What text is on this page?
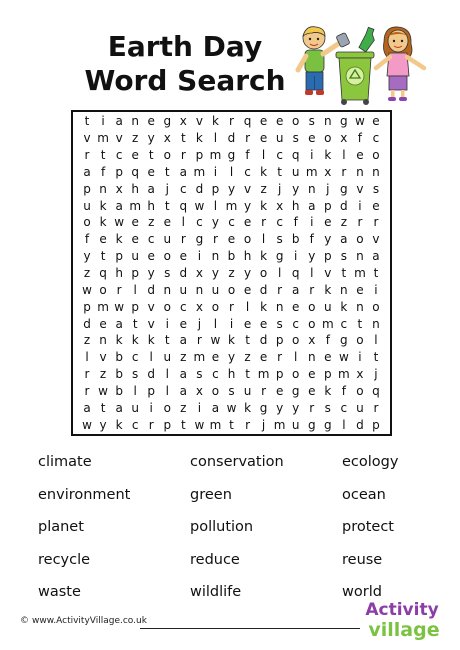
Earth Day
Word Search
t	i a n e g x v k r q e e o s n g w e
v m v z y x t k l d r e u s e o x f c
r t c e t o r p m g f	l c q i k l e o
a f p q e t a m i	l c k t u m x r n n
p n x h a j c d p y v z j y n j g v s
u k a m h t q w l m y k x h a p d i e
o k w e z e l c y c e r c f	i e z r r
f e k e c u r g r e o l s b f y a o v
y t p u e o e i n b h k g i y p s n a
z q h p y s d x y z y o l q l v t m t
w o r l d n u n u o e d r a r k n e i
p m w p v o c x o r l k n e o u k n o
d e a t v i e j	l	i e e s c o m c t n
z n k k k t a r w k t d p o x f g o l
l v b c l u z m e y z e r l n e w i	t
r z b s d l a s c h t m p o e p m x j
r w b l p l a x o s u r e g e k f o q
a t a u i o z i a w k g y y r s c u r
w y k c r p t w m t r j m u g g l d p
climate	conservation	ecology
environment	green	ocean
planet	pollution	protect
recycle	reduce	reuse
waste	wildlife	world
© www.ActivityVillage.co.uk
Activity
village
